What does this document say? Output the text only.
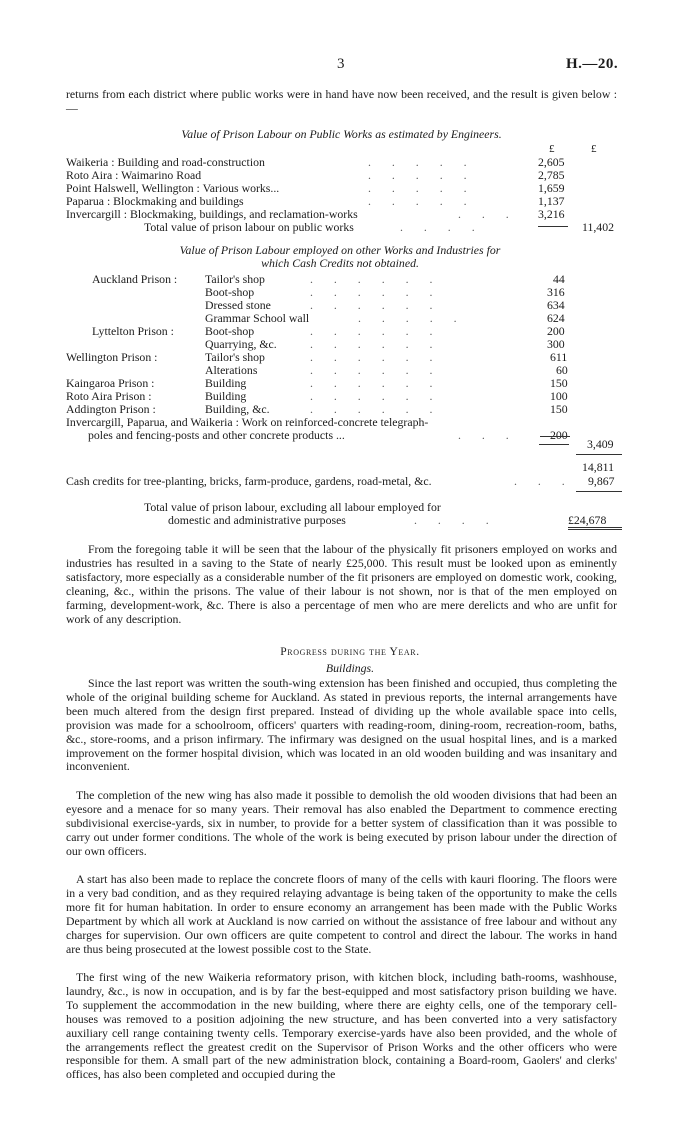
3	H.—20.
returns from each district where public works were in hand have now been received, and the result is given below :—
Value of Prison Labour on Public Works as estimated by Engineers.
£	£
Waikeria : Building and road-construction	. . . . .	2,605
Roto Aira : Waimarino Road	. . . . .	2,785
Point Halswell, Wellington : Various works...	. . . . .	1,659
Paparua : Blockmaking and buildings	. . . . .	1,137
Invercargill : Blockmaking, buildings, and reclamation-works	. . . 3,216
Total value of prison labour on public works	. . . .	11,402
Value of Prison Labour employed on other Works and Industries for
which Cash Credits not obtained.
Auckland Prison : Tailor's shop	. . . . . .	44
Boot-shop	. . . . . .	316
Dressed stone	. . . . . .	634
Grammar School wall	. . . . .	624
Lyttelton Prison :	Boot-shop	. . . . . .	200
Quarrying, &c.	. . . . . .	300
Wellington Prison :	Tailor's shop	. . . . . .	611
Alterations	. . . . . .	60
Kaingaroa Prison :	Building	. . . . . .	150
Roto Aira Prison :	Building	. . . . . .	100
Addington Prison :	Building, &c.	. . . . . .	150
Invercargill, Paparua, and Waikeria : Work on reinforced-concrete telegraph-
poles and fencing-posts and other concrete products ...	. . .	200
3,409
14,811
Cash credits for tree-planting, bricks, farm-produce, gardens, road-metal, &c.	. . . 9,867
Total value of prison labour, excluding all labour employed for
domestic and administrative purposes	. . . .	£24,678
From the foregoing table it will be seen that the labour of the physically fit prisoners employed on works and industries has resulted in a saving to the State of nearly £25,000. This result must be looked upon as eminently satisfactory, more especially as a considerable number of the fit prisoners are employed on domestic work, cooking, cleaning, &c., within the prisons. The value of their labour is not shown, nor is that of the men employed on farming, development-work, &c. There is also a percentage of men who are mere derelicts and who are unfit for work of any description.
Progress during the Year.
Buildings.
Since the last report was written the south-wing extension has been finished and occupied, thus completing the whole of the original building scheme for Auckland. As stated in previous reports, the internal arrangements have been much altered from the design first prepared. Instead of dividing up the whole available space into cells, provision was made for a schoolroom, officers' quarters with reading-room, dining-room, recreation-room, baths, &c., store-rooms, and a prison infirmary. The infirmary was designed on the usual hospital lines, and is a marked improvement on the former hospital division, which was located in an old wooden building and was insanitary and inconvenient.
The completion of the new wing has also made it possible to demolish the old wooden divisions that had been an eyesore and a menace for so many years. Their removal has also enabled the Department to commence erecting subdivisional exercise-yards, six in number, to provide for a better system of classification than it was possible to carry out under former conditions. The whole of the work is being executed by prison labour under the direction of our own officers.
A start has also been made to replace the concrete floors of many of the cells with kauri flooring. The floors were in a very bad condition, and as they required relaying advantage is being taken of the opportunity to make the cells more fit for human habitation. In order to ensure economy an arrangement has been made with the Public Works Department by which all work at Auckland is now carried on without the assistance of free labour and without any charges for supervision. Our own officers are quite competent to control and direct the labour. The works in hand are thus being prosecuted at the lowest possible cost to the State.
The first wing of the new Waikeria reformatory prison, with kitchen block, including bath-rooms, washhouse, laundry, &c., is now in occupation, and is by far the best-equipped and most satisfactory prison building we have. To supplement the accommodation in the new building, where there are eighty cells, one of the temporary cell-houses was removed to a position adjoining the new structure, and has been converted into a very satisfactory auxiliary cell range containing twenty cells. Temporary exercise-yards have also been provided, and the whole of the arrangements reflect the greatest credit on the Supervisor of Prison Works and the other officers who were responsible for them. A small part of the new administration block, containing a Board-room, Gaolers' and clerks' offices, has also been completed and occupied during the
